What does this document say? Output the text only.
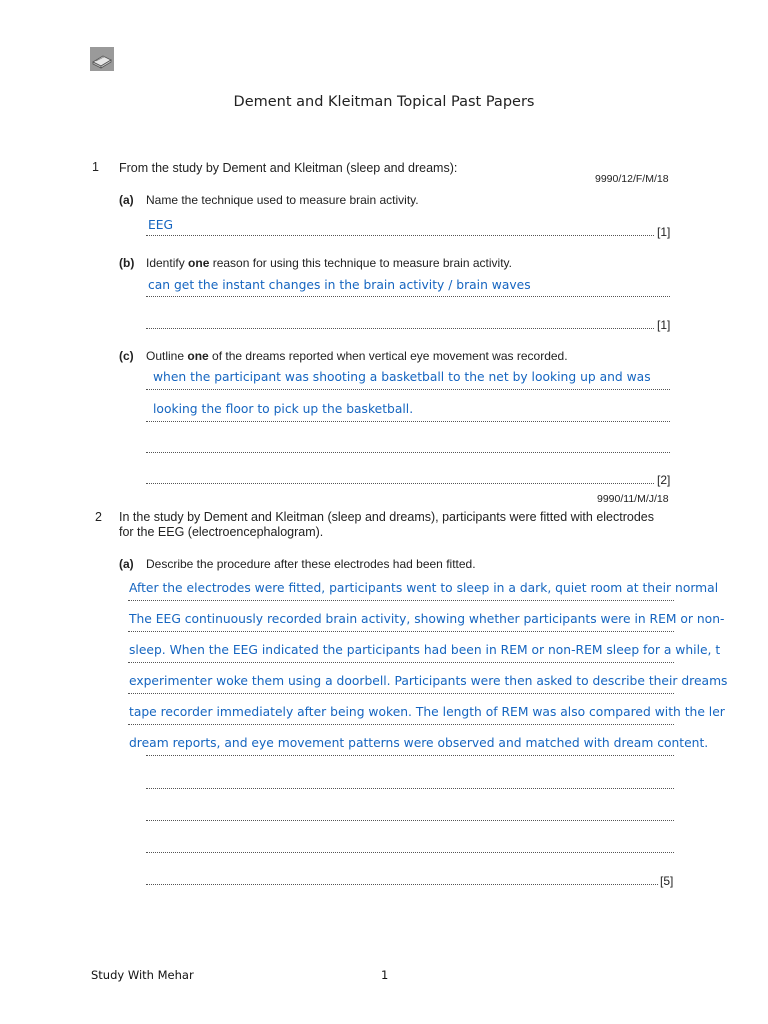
Dement and Kleitman Topical Past Papers
1 From the study by Dement and Kleitman (sleep and dreams):
9990/12/F/M/18
(a) Name the technique used to measure brain activity.
EEG	[1]
(b) Identify one reason for using this technique to measure brain activity.
can get the instant changes in the brain activity / brain waves
[1]
(c) Outline one of the dreams reported when vertical eye movement was recorded.
when the participant was shooting a basketball to the net by looking up and was
looking the floor to pick up the basketball.
[2]
9990/11/M/J/18
2 In the study by Dement and Kleitman (sleep and dreams), participants were fitted with electrodes
for the EEG (electroencephalogram).
(a) Describe the procedure after these electrodes had been fitted.
After the electrodes were fitted, participants went to sleep in a dark, quiet room at their normal
The EEG continuously recorded brain activity, showing whether participants were in REM or non-
sleep. When the EEG indicated the participants had been in REM or non-REM sleep for a while, t
experimenter woke them using a doorbell. Participants were then asked to describe their dreams
tape recorder immediately after being woken. The length of REM was also compared with the ler
dream reports, and eye movement patterns were observed and matched with dream content.
[5]
Study With Mehar	1
